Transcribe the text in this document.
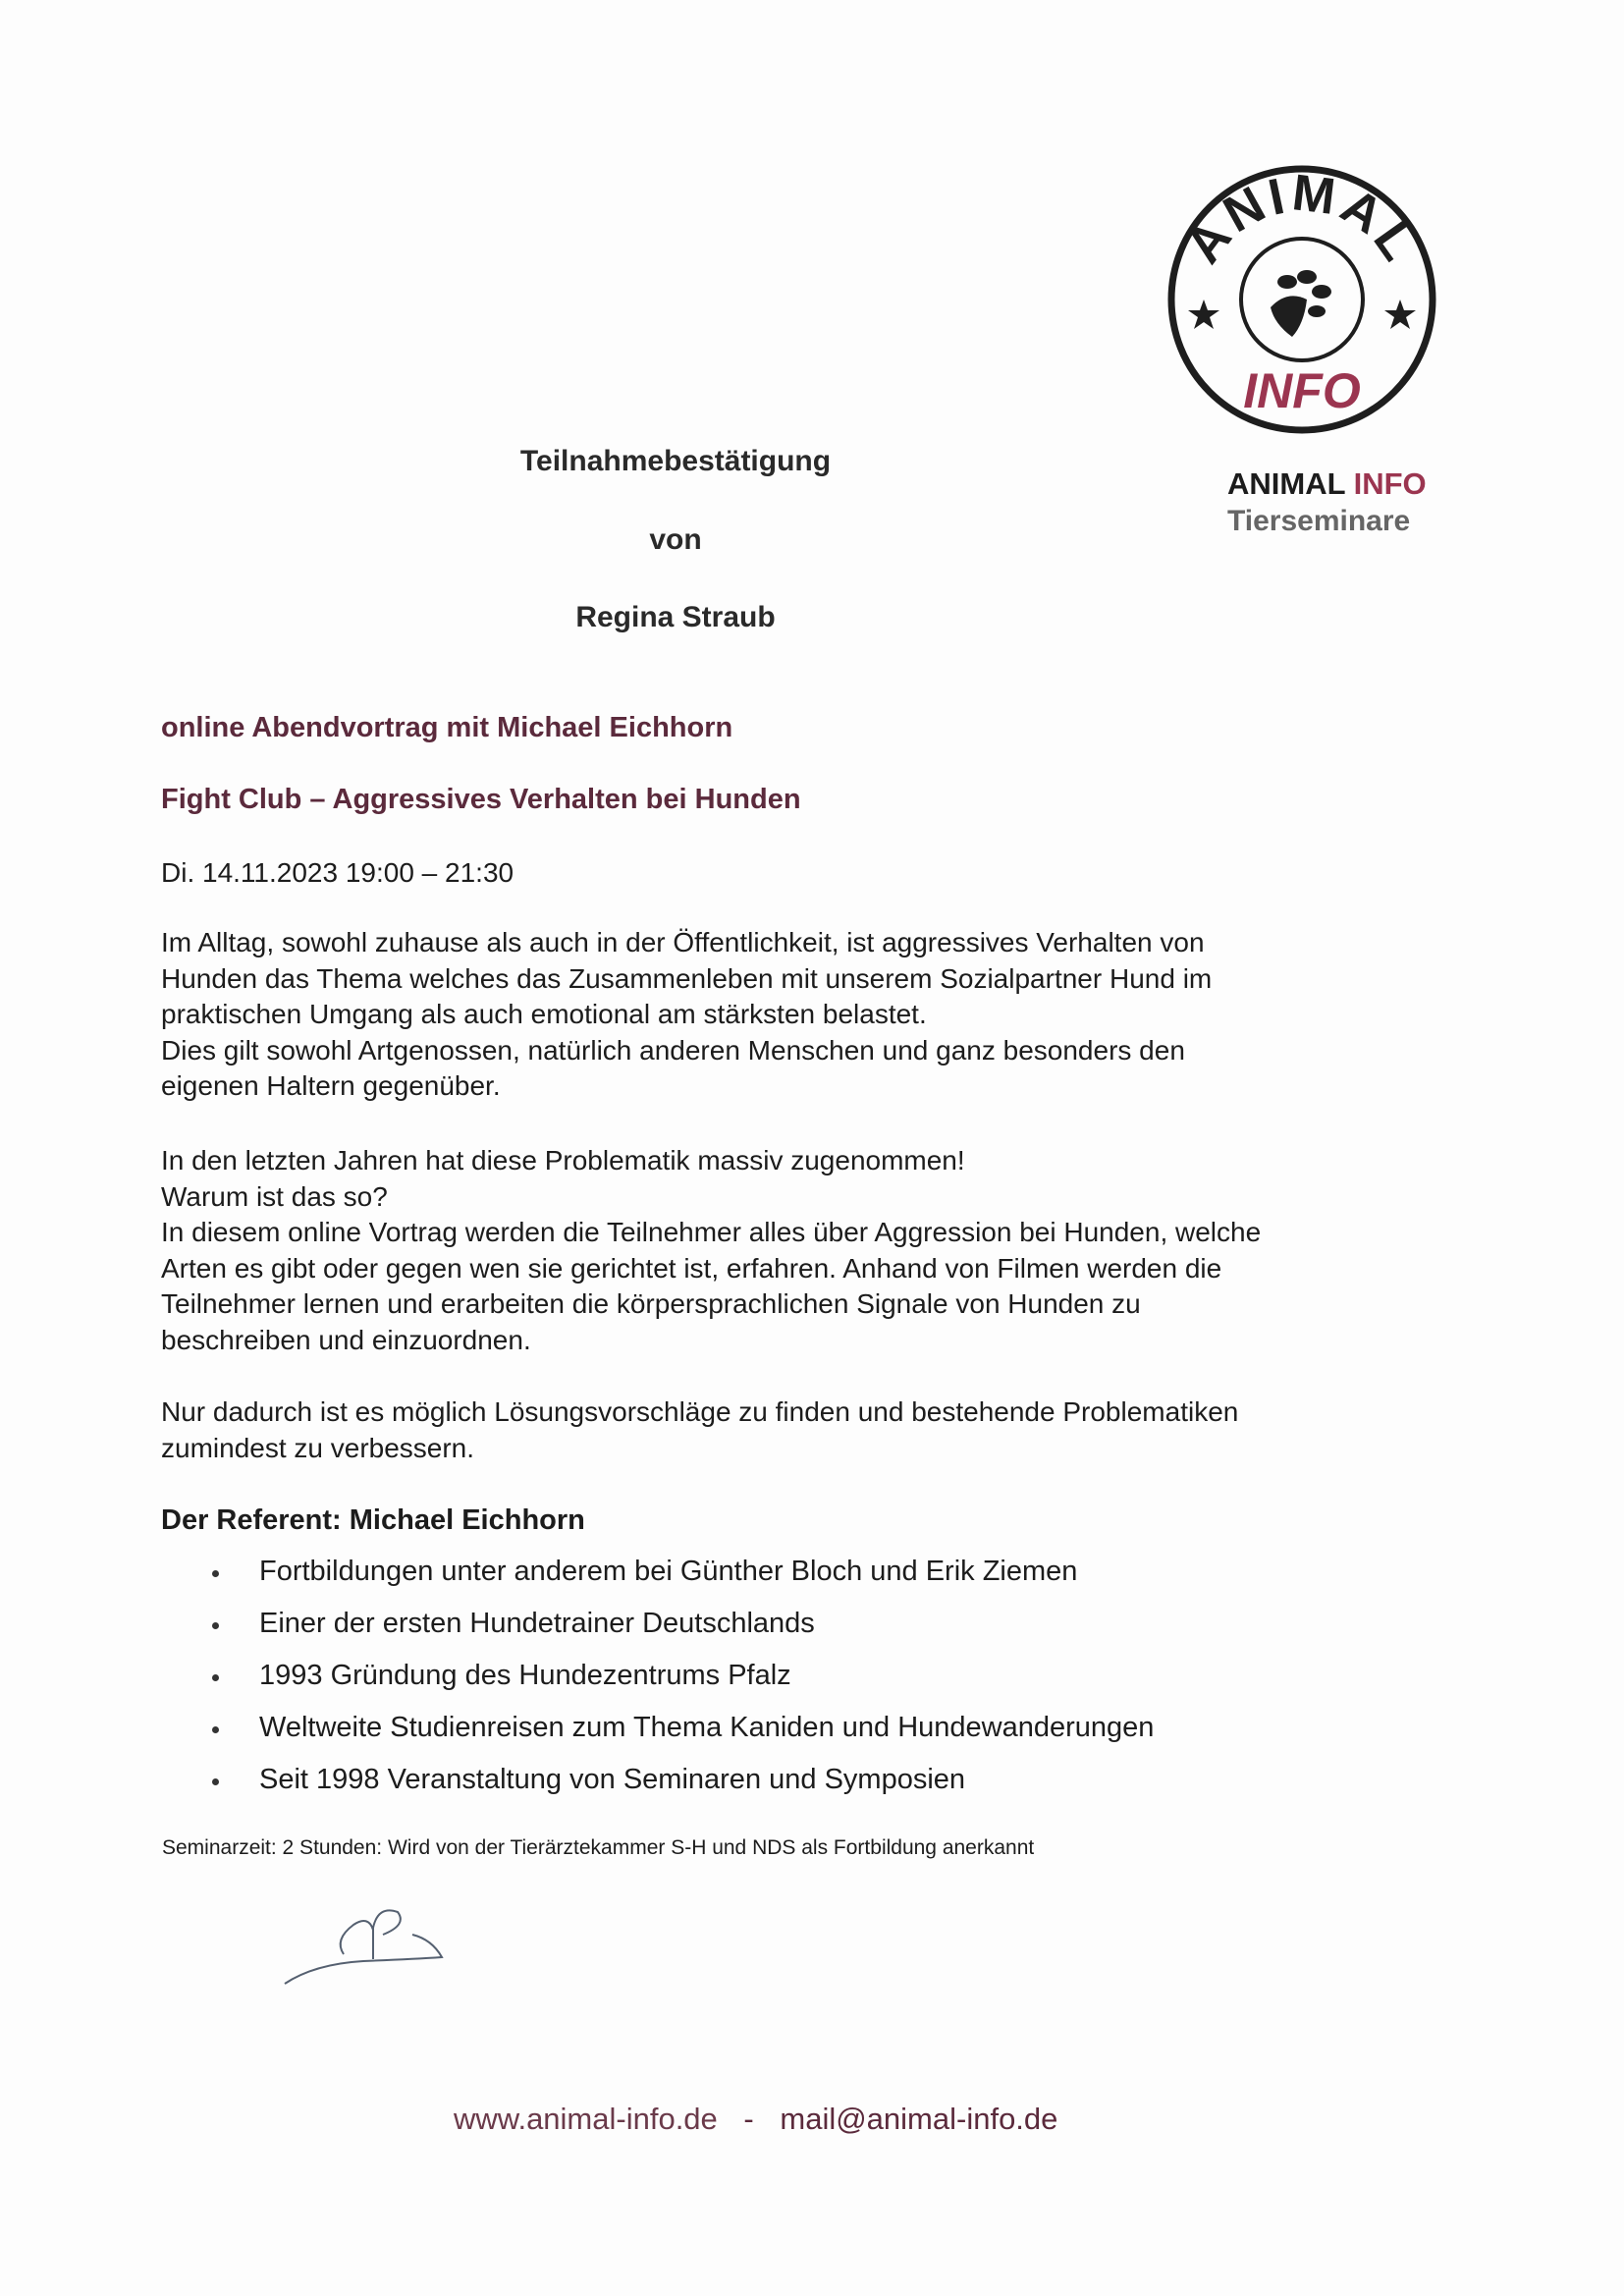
ANIMAL
INFO
ANIMAL INFO
Tierseminare
Teilnahmebestätigung
von
Regina Straub
online Abendvortrag mit Michael Eichhorn
Fight Club – Aggressives Verhalten bei Hunden
Di. 14.11.2023 19:00 – 21:30
Im Alltag, sowohl zuhause als auch in der Öffentlichkeit, ist aggressives Verhalten von
Hunden das Thema welches das Zusammenleben mit unserem Sozialpartner Hund im
praktischen Umgang als auch emotional am stärksten belastet.
Dies gilt sowohl Artgenossen, natürlich anderen Menschen und ganz besonders den
eigenen Haltern gegenüber.
In den letzten Jahren hat diese Problematik massiv zugenommen!
Warum ist das so?
In diesem online Vortrag werden die Teilnehmer alles über Aggression bei Hunden, welche
Arten es gibt oder gegen wen sie gerichtet ist, erfahren. Anhand von Filmen werden die
Teilnehmer lernen und erarbeiten die körpersprachlichen Signale von Hunden zu
beschreiben und einzuordnen.
Nur dadurch ist es möglich Lösungsvorschläge zu finden und bestehende Problematiken
zumindest zu verbessern.
Der Referent: Michael Eichhorn
Fortbildungen unter anderem bei Günther Bloch und Erik Ziemen
Einer der ersten Hundetrainer Deutschlands
1993 Gründung des Hundezentrums Pfalz
Weltweite Studienreisen zum Thema Kaniden und Hundewanderungen
Seit 1998 Veranstaltung von Seminaren und Symposien
Seminarzeit: 2 Stunden: Wird von der Tierärztekammer S-H und NDS als Fortbildung anerkannt
www.animal-info.de - mail@animal-info.de
